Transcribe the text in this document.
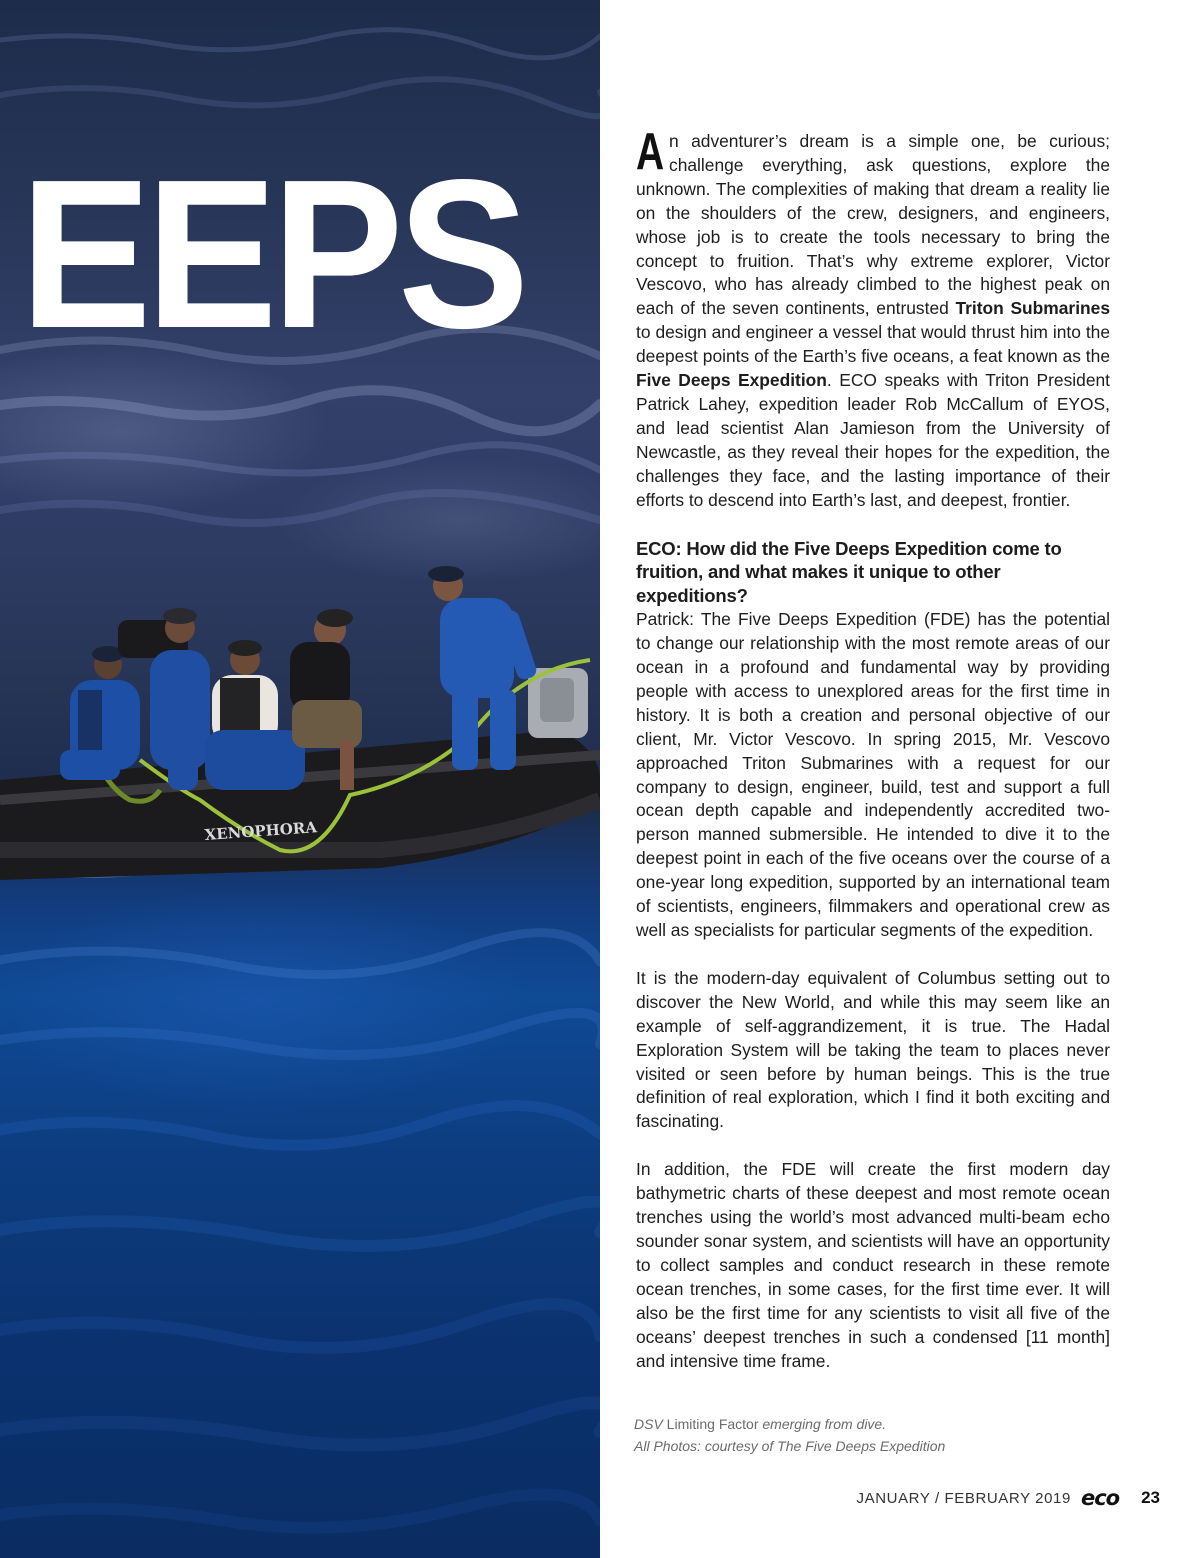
EEPS
XENOPHORA

An adventurer’s dream is a simple one, be curious; challenge everything, ask questions, explore the unknown. The complexities of making that dream a reality lie on the shoulders of the crew, designers, and engineers, whose job is to create the tools necessary to bring the concept to fruition. That’s why extreme explorer, Victor Vescovo, who has already climbed to the highest peak on each of the seven continents, entrusted Triton Submarines to design and engineer a vessel that would thrust him into the deepest points of the Earth’s five oceans, a feat known as the Five Deeps Expedition. ECO speaks with Triton President Patrick Lahey, expedition leader Rob McCallum of EYOS, and lead scientist Alan Jamieson from the University of Newcastle, as they reveal their hopes for the expedition, the challenges they face, and the lasting importance of their efforts to descend into Earth’s last, and deepest, frontier.

ECO: How did the Five Deeps Expedition come to fruition, and what makes it unique to other expeditions?

Patrick: The Five Deeps Expedition (FDE) has the potential to change our relationship with the most remote areas of our ocean in a profound and fundamental way by providing people with access to unexplored areas for the first time in history. It is both a creation and personal objective of our client, Mr. Victor Vescovo. In spring 2015, Mr. Vescovo approached Triton Submarines with a request for our company to design, engineer, build, test and support a full ocean depth capable and independently accredited two-person manned submersible. He intended to dive it to the deepest point in each of the five oceans over the course of a one-year long expedition, supported by an international team of scientists, engineers, filmmakers and operational crew as well as specialists for particular segments of the expedition.

It is the modern-day equivalent of Columbus setting out to discover the New World, and while this may seem like an example of self-aggrandizement, it is true. The Hadal Exploration System will be taking the team to places never visited or seen before by human beings. This is the true definition of real exploration, which I find it both exciting and fascinating.

In addition, the FDE will create the first modern day bathymetric charts of these deepest and most remote ocean trenches using the world’s most advanced multi-beam echo sounder sonar system, and scientists will have an opportunity to collect samples and conduct research in these remote ocean trenches, in some cases, for the first time ever. It will also be the first time for any scientists to visit all five of the oceans’ deepest trenches in such a condensed [11 month] and intensive time frame.

DSV Limiting Factor emerging from dive.
All Photos: courtesy of The Five Deeps Expedition
JANUARY / FEBRUARY 2019 eco 23
